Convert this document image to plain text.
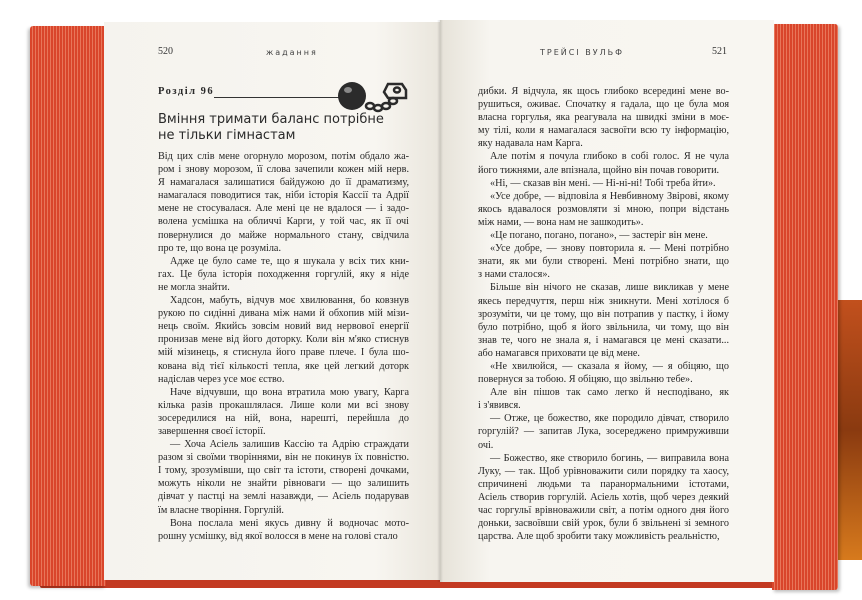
520	жадання	ТРЕЙСІ ВУЛЬФ	521
Розділ 96
Вміння тримати баланс потрібне
не тільки гімнастам
Від цих слів мене огорнуло морозом, потім обдало жа-
ром і знову морозом, її слова зачепили кожен мій нерв.
Я намагалася залишатися байдужою до її драматизму,
намагалася поводитися так, ніби історія Кассії та Адрії
мене не стосувалася. Але мені це не вдалося — і задо-
волена усмішка на обличчі Карги, у той час, як її очі
повернулися до майже нормального стану, свідчила
про те, що вона це розуміла.
Адже це було саме те, що я шукала у всіх тих кни-
гах. Це була історія походження горгулій, яку я ніде
не могла знайти.
Хадсон, мабуть, відчув моє хвилювання, бо ковзнув
рукою по сидінні дивана між нами й обхопив мій мізи-
нець своїм. Якийсь зовсім новий вид нервової енергії
пронизав мене від його доторку. Коли він м'яко стиснув
мій мізинець, я стиснула його праве плече. І була шо-
кована від тієї кількості тепла, яке цей легкий доторк
надіслав через усе моє єство.
Наче відчувши, що вона втратила мою увагу, Карга
кілька разів прокашлялася. Лише коли ми всі знову
зосередилися на ній, вона, нарешті, перейшла до
завершення своєї історії.
— Хоча Асіель залишив Кассію та Адрію страждати
разом зі своїми творіннями, він не покинув їх повністю.
І тому, зрозумівши, що світ та істоти, створені дочками,
можуть ніколи не знайти рівноваги — що залишить
дівчат у пастці на землі назавжди, — Асіель подарував
їм власне творіння. Горгулій.
Вона послала мені якусь дивну й водночас мото-
рошну усмішку, від якої волосся в мене на голові стало
дибки. Я відчула, як щось глибоко всередині мене во-
рушиться, оживає. Спочатку я гадала, що це була моя
власна горгулья, яка реагувала на швидкі зміни в моє-
му тілі, коли я намагалася засвоїти всю ту інформацію,
яку надавала нам Карга.
Але потім я почула глибоко в собі голос. Я не чула
його тижнями, але впізнала, щойно він почав говорити.
«Ні, — сказав він мені. — Ні-ні-ні! Тобі треба йти».
«Усе добре, — відповіла я Невбивному Звірові, якому
якось вдавалося розмовляти зі мною, попри відстань
між нами, — вона нам не зашкодить».
«Це погано, погано, погано», — застеріг він мене.
«Усе добре, — знову повторила я. — Мені потрібно
знати, як ми були створені. Мені потрібно знати, що
з нами сталося».
Більше він нічого не сказав, лише викликав у мене
якесь передчуття, перш ніж зникнути. Мені хотілося б
зрозуміти, чи це тому, що він потрапив у пастку, і йому
було потрібно, щоб я його звільнила, чи тому, що він
знав те, чого не знала я, і намагався це мені сказати...
або намагався приховати це від мене.
«Не хвилюйся, — сказала я йому, — я обіцяю, що
повернуся за тобою. Я обіцяю, що звільню тебе».
Але він пішов так само легко й несподівано, як
і з'явився.
— Отже, це божество, яке породило дівчат, створило
горгулій? — запитав Лука, зосереджено примруживши
очі.
— Божество, яке створило богинь, — виправила вона
Луку, — так. Щоб урівноважити сили порядку та хаосу,
спричинені людьми та паранормальними істотами,
Асіель створив горгулій. Асіель хотів, щоб через деякий
час горгульї врівноважили світ, а потім одного дня його
доньки, засвоївши свій урок, були б звільнені зі земного
царства. Але щоб зробити таку можливість реальністю,
